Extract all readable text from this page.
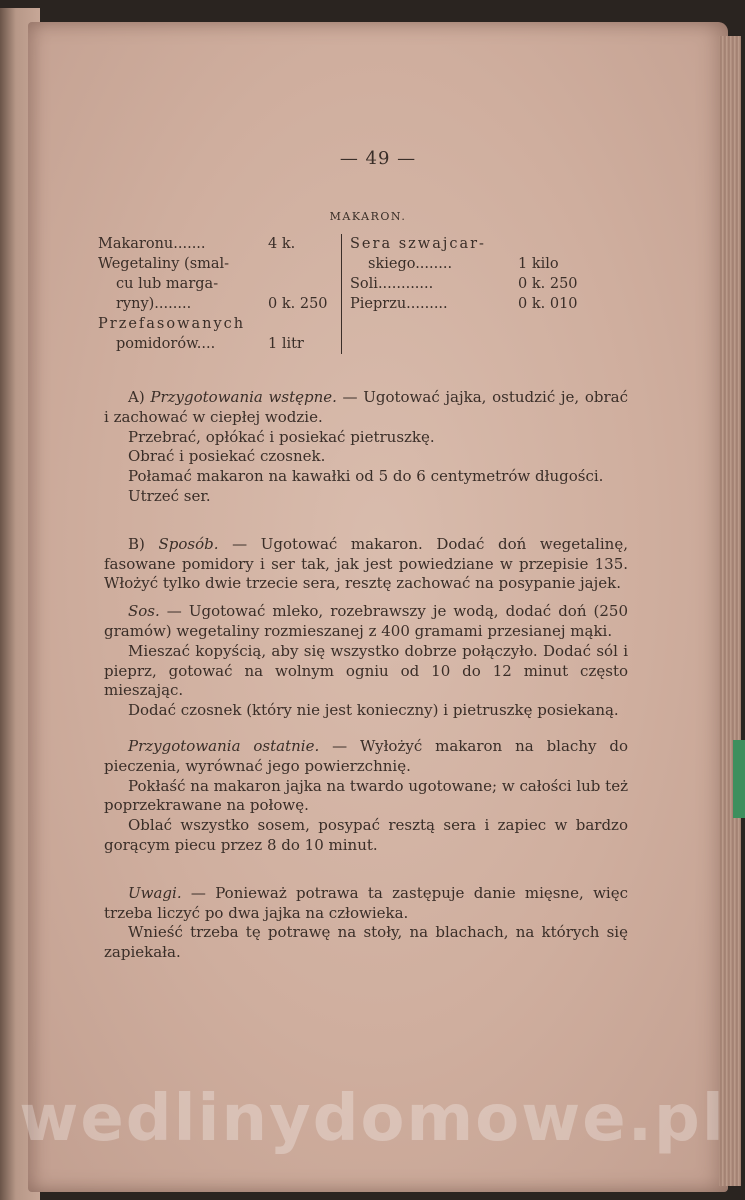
— 49 —
MAKARON.
Makaronu.......	4 k.
Wegetaliny (smal-
cu lub marga-
ryny)........	0 k. 250
Przefasowanych
pomidorów....	1 litr
Sera szwajcar-
skiego........	1 kilo
Soli............	0 k. 250
Pieprzu.........	0 k. 010

A) Przygotowania wstępne. — Ugotować jajka, ostudzić je, obrać i zachować w ciepłej wodzie.

Przebrać, opłókać i posiekać pietruszkę.

Obrać i posiekać czosnek.

Połamać makaron na kawałki od 5 do 6 centymetrów długości.

Utrzeć ser.

B) Sposób. — Ugotować makaron. Dodać doń wegetalinę, fasowane pomidory i ser tak, jak jest powiedziane w przepisie 135. Włożyć tylko dwie trzecie sera, resztę zachować na posypanie jajek.

Sos. — Ugotować mleko, rozebrawszy je wodą, dodać doń (250 gramów) wegetaliny rozmieszanej z 400 gramami przesianej mąki.

Mieszać kopyścią, aby się wszystko dobrze połączyło. Dodać sól i pieprz, gotować na wolnym ogniu od 10 do 12 minut często mieszając.

Dodać czosnek (który nie jest konieczny) i pietruszkę posiekaną.

Przygotowania ostatnie. — Wyłożyć makaron na blachy do pieczenia, wyrównać jego powierzchnię.

Pokłaść na makaron jajka na twardo ugotowane; w całości lub też poprzekrawane na połowę.

Oblać wszystko sosem, posypać resztą sera i zapiec w bardzo gorącym piecu przez 8 do 10 minut.

Uwagi. — Ponieważ potrawa ta zastępuje danie mięsne, więc trzeba liczyć po dwa jajka na człowieka.

Wnieść trzeba tę potrawę na stoły, na blachach, na których się zapiekała.

wedlinydomowe.pl
